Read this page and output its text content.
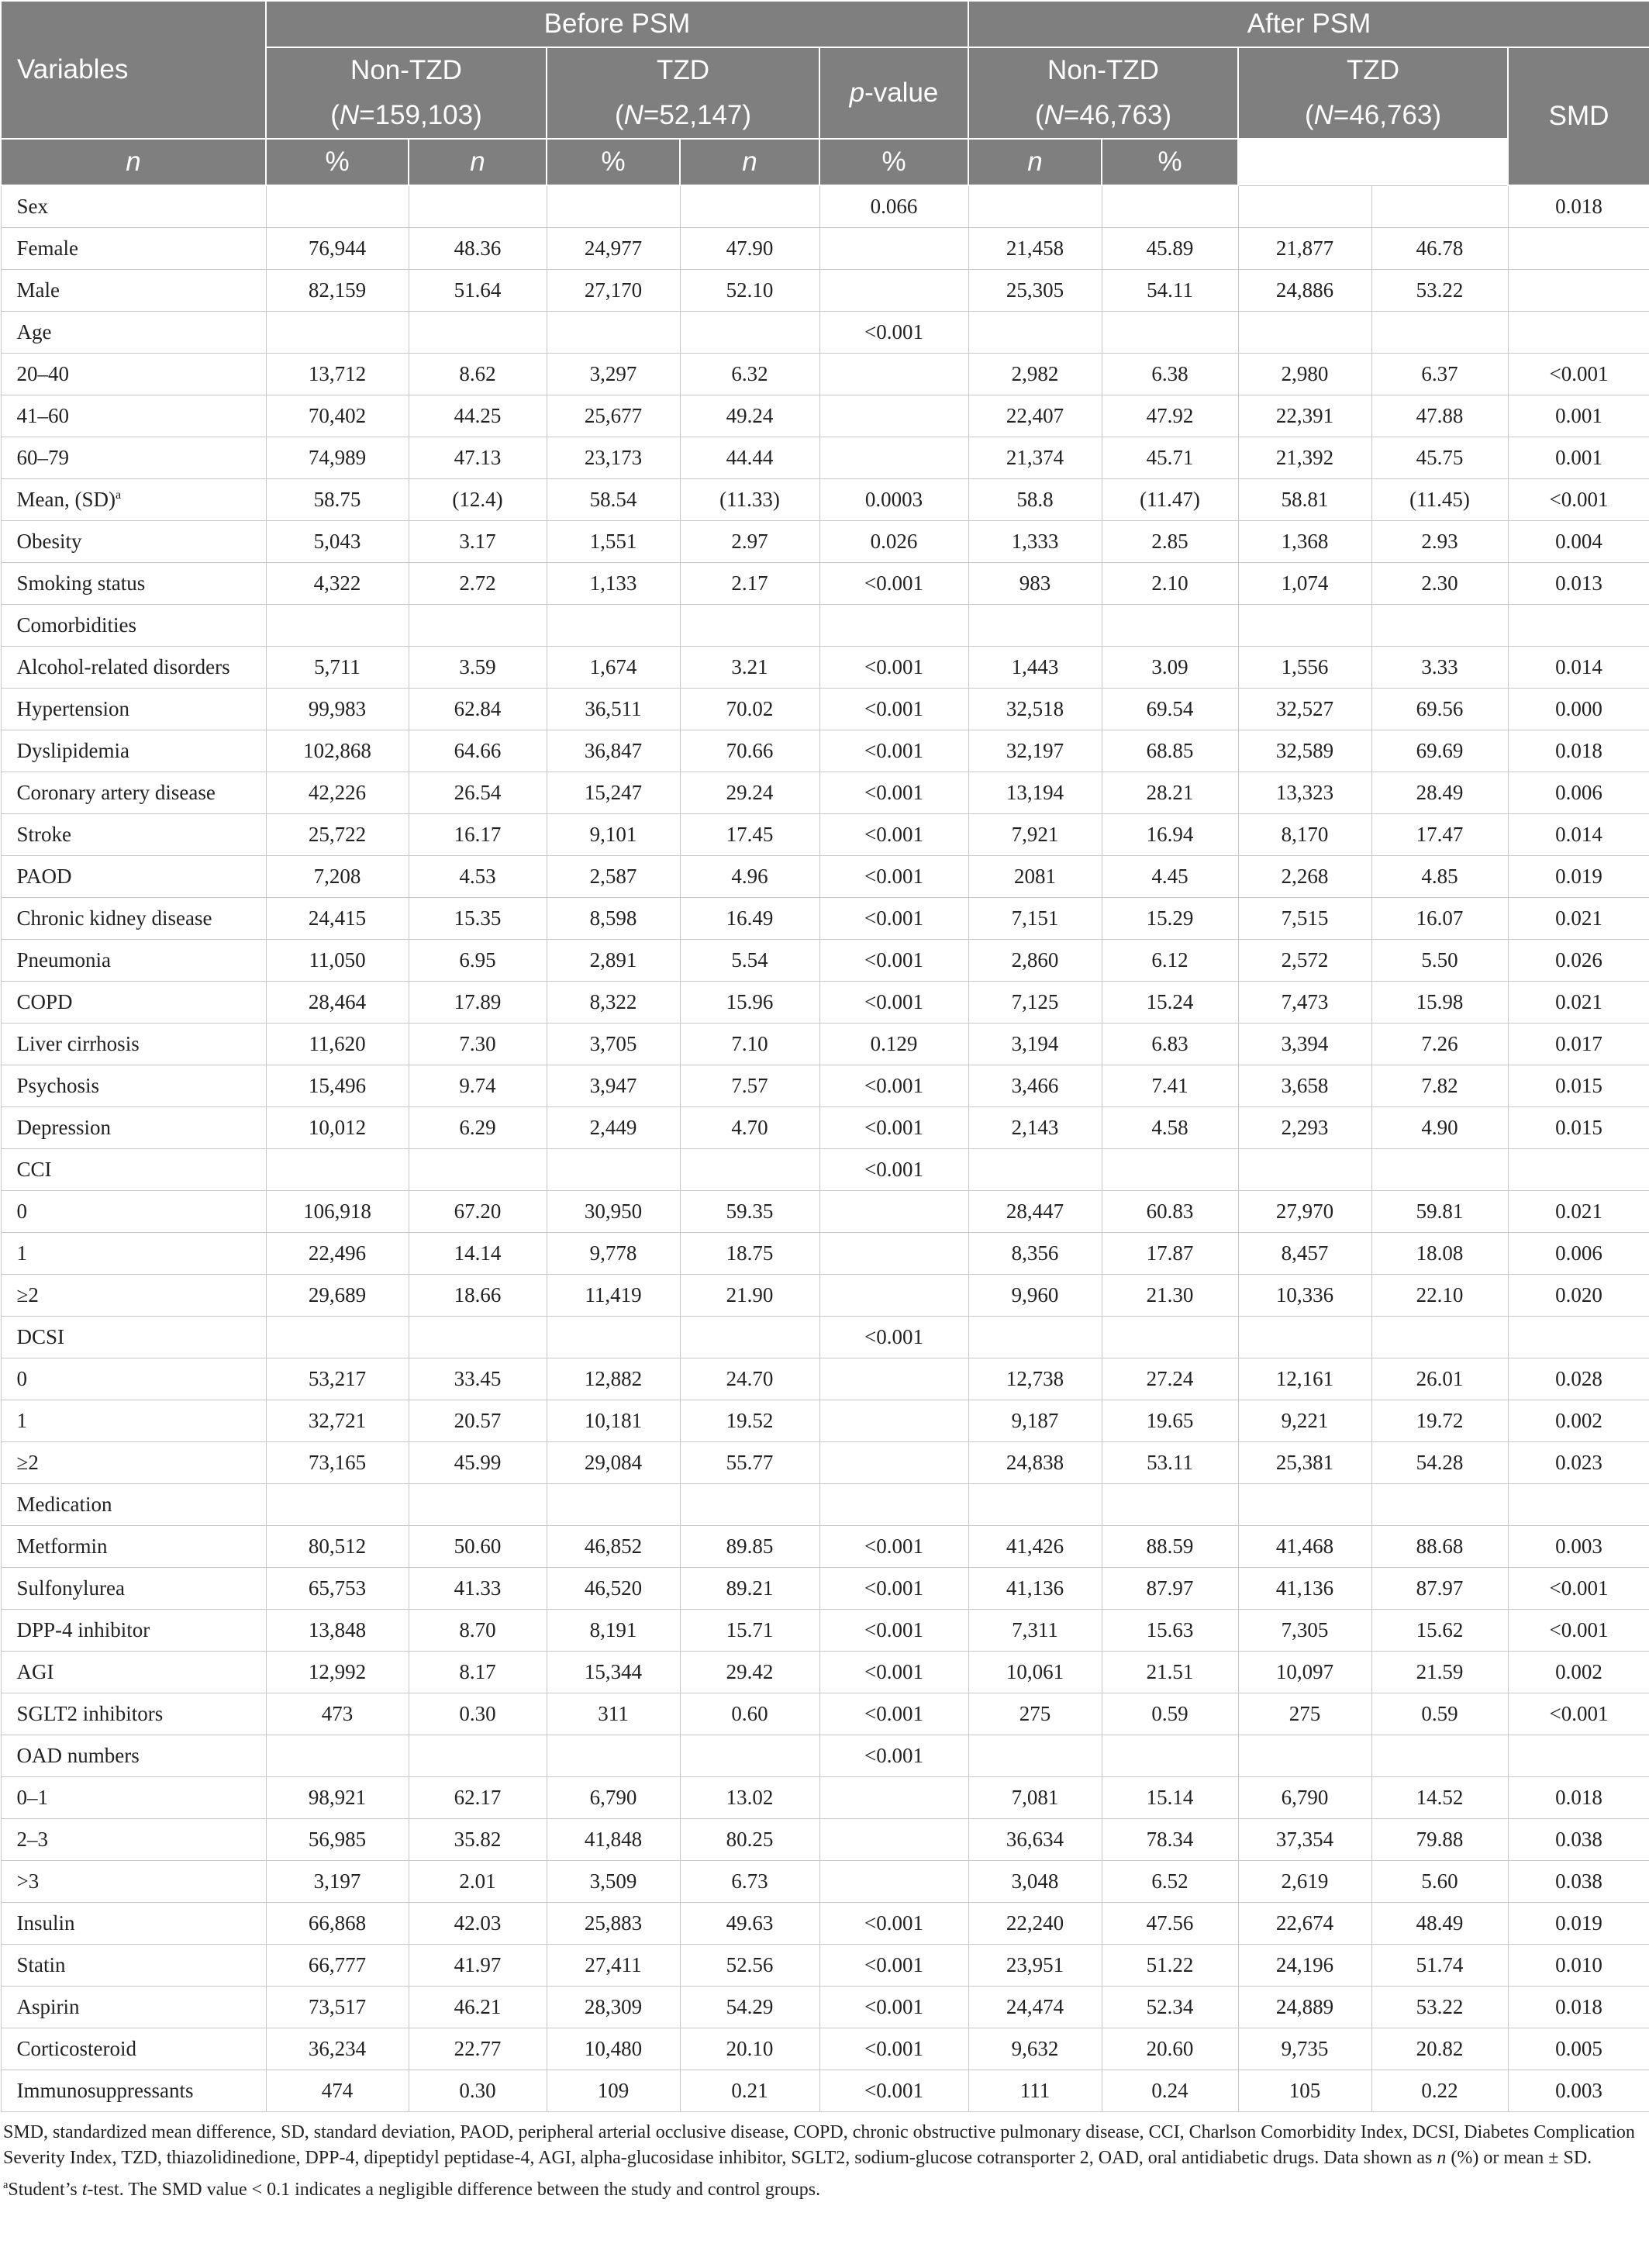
Variables	Before PSM					After PSM				
	Non-TZD		TZD		p-value	Non-TZD		TZD		SMD
	(N=159,103)		(N=52,147)			(N=46,763)		(N=46,763)		
n	%	n	%	n	%	n	%			
Sex					0.066					0.018
Female	76,944	48.36	24,977	47.90		21,458	45.89	21,877	46.78	
Male	82,159	51.64	27,170	52.10		25,305	54.11	24,886	53.22	
Age					<0.001					
20–40	13,712	8.62	3,297	6.32		2,982	6.38	2,980	6.37	<0.001
41–60	70,402	44.25	25,677	49.24		22,407	47.92	22,391	47.88	0.001
60–79	74,989	47.13	23,173	44.44		21,374	45.71	21,392	45.75	0.001
Mean, (SD)$^a$	58.75	(12.4)	58.54	(11.33)	0.0003	58.8	(11.47)	58.81	(11.45)	<0.001
Obesity	5,043	3.17	1,551	2.97	0.026	1,333	2.85	1,368	2.93	0.004
Smoking status	4,322	2.72	1,133	2.17	<0.001	983	2.10	1,074	2.30	0.013
Comorbidities										
Alcohol-related disorders	5,711	3.59	1,674	3.21	<0.001	1,443	3.09	1,556	3.33	0.014
Hypertension	99,983	62.84	36,511	70.02	<0.001	32,518	69.54	32,527	69.56	0.000
Dyslipidemia	102,868	64.66	36,847	70.66	<0.001	32,197	68.85	32,589	69.69	0.018
Coronary artery disease	42,226	26.54	15,247	29.24	<0.001	13,194	28.21	13,323	28.49	0.006
Stroke	25,722	16.17	9,101	17.45	<0.001	7,921	16.94	8,170	17.47	0.014
PAOD	7,208	4.53	2,587	4.96	<0.001	2081	4.45	2,268	4.85	0.019
Chronic kidney disease	24,415	15.35	8,598	16.49	<0.001	7,151	15.29	7,515	16.07	0.021
Pneumonia	11,050	6.95	2,891	5.54	<0.001	2,860	6.12	2,572	5.50	0.026
COPD	28,464	17.89	8,322	15.96	<0.001	7,125	15.24	7,473	15.98	0.021
Liver cirrhosis	11,620	7.30	3,705	7.10	0.129	3,194	6.83	3,394	7.26	0.017
Psychosis	15,496	9.74	3,947	7.57	<0.001	3,466	7.41	3,658	7.82	0.015
Depression	10,012	6.29	2,449	4.70	<0.001	2,143	4.58	2,293	4.90	0.015
CCI					<0.001					
0	106,918	67.20	30,950	59.35		28,447	60.83	27,970	59.81	0.021
1	22,496	14.14	9,778	18.75		8,356	17.87	8,457	18.08	0.006
≥2	29,689	18.66	11,419	21.90		9,960	21.30	10,336	22.10	0.020
DCSI					<0.001					
0	53,217	33.45	12,882	24.70		12,738	27.24	12,161	26.01	0.028
1	32,721	20.57	10,181	19.52		9,187	19.65	9,221	19.72	0.002
≥2	73,165	45.99	29,084	55.77		24,838	53.11	25,381	54.28	0.023
Medication										
Metformin	80,512	50.60	46,852	89.85	<0.001	41,426	88.59	41,468	88.68	0.003
Sulfonylurea	65,753	41.33	46,520	89.21	<0.001	41,136	87.97	41,136	87.97	<0.001
DPP-4 inhibitor	13,848	8.70	8,191	15.71	<0.001	7,311	15.63	7,305	15.62	<0.001
AGI	12,992	8.17	15,344	29.42	<0.001	10,061	21.51	10,097	21.59	0.002
SGLT2 inhibitors	473	0.30	311	0.60	<0.001	275	0.59	275	0.59	<0.001
OAD numbers					<0.001					
0–1	98,921	62.17	6,790	13.02		7,081	15.14	6,790	14.52	0.018
2–3	56,985	35.82	41,848	80.25		36,634	78.34	37,354	79.88	0.038
>3	3,197	2.01	3,509	6.73		3,048	6.52	2,619	5.60	0.038
Insulin	66,868	42.03	25,883	49.63	<0.001	22,240	47.56	22,674	48.49	0.019
Statin	66,777	41.97	27,411	52.56	<0.001	23,951	51.22	24,196	51.74	0.010
Aspirin	73,517	46.21	28,309	54.29	<0.001	24,474	52.34	24,889	53.22	0.018
Corticosteroid	36,234	22.77	10,480	20.10	<0.001	9,632	20.60	9,735	20.82	0.005
Immunosuppressants	474	0.30	109	0.21	<0.001	111	0.24	105	0.22	0.003

SMD, standardized mean difference, SD, standard deviation, PAOD, peripheral arterial occlusive disease, COPD, chronic obstructive pulmonary disease, CCI, Charlson Comorbidity Index, DCSI, Diabetes Complication Severity Index, TZD, thiazolidinedione, DPP-4, dipeptidyl peptidase-4, AGI, alpha-glucosidase inhibitor, SGLT2, sodium-glucose cotransporter 2, OAD, oral antidiabetic drugs. Data shown as n (%) or mean ± SD.

$^a$Student’s t-test. The SMD value < 0.1 indicates a negligible difference between the study and control groups.
